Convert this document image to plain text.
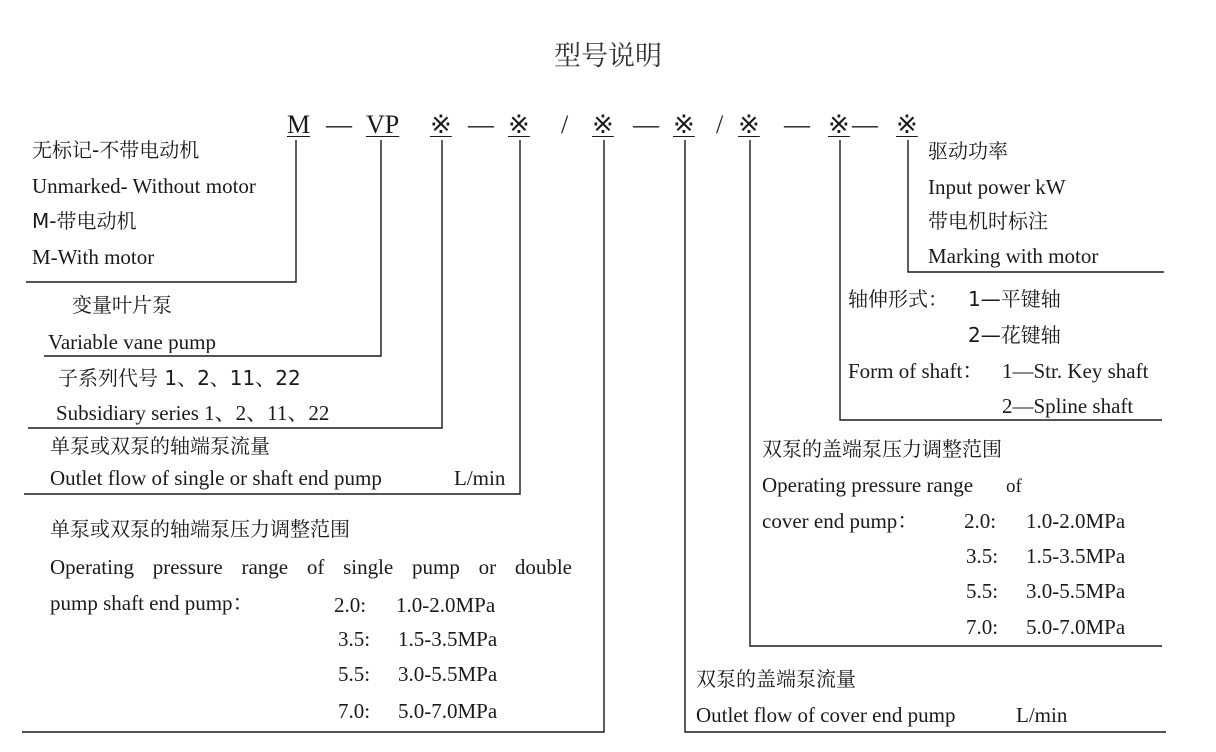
型号说明
M — VP ※ — ※ / ※ — ※ / ※ — ※ — ※
无标记-不带电动机
Unmarked- Without motor
M-带电动机
M-With motor
变量叶片泵
Variable vane pump
子系列代号 1、2、11、22
Subsidiary series 1、2、11、22
单泵或双泵的轴端泵流量
Outlet flow of single or shaft end pump	L/min
单泵或双泵的轴端泵压力调整范围
Operating pressure range of single pump or double
pump shaft end pump：	2.0: 1.0-2.0MPa
3.5: 1.5-3.5MPa
5.5: 3.0-5.5MPa
7.0: 5.0-7.0MPa
驱动功率
Input power kW
带电机时标注
Marking with motor
轴伸形式： 1—平键轴
2—花键轴
Form of shaft： 1—Str. Key shaft
2—Spline shaft
双泵的盖端泵压力调整范围
Operating pressure range of
cover end pump： 2.0: 1.0-2.0MPa
3.5: 1.5-3.5MPa
5.5: 3.0-5.5MPa
7.0: 5.0-7.0MPa
双泵的盖端泵流量
Outlet flow of cover end pump	L/min
